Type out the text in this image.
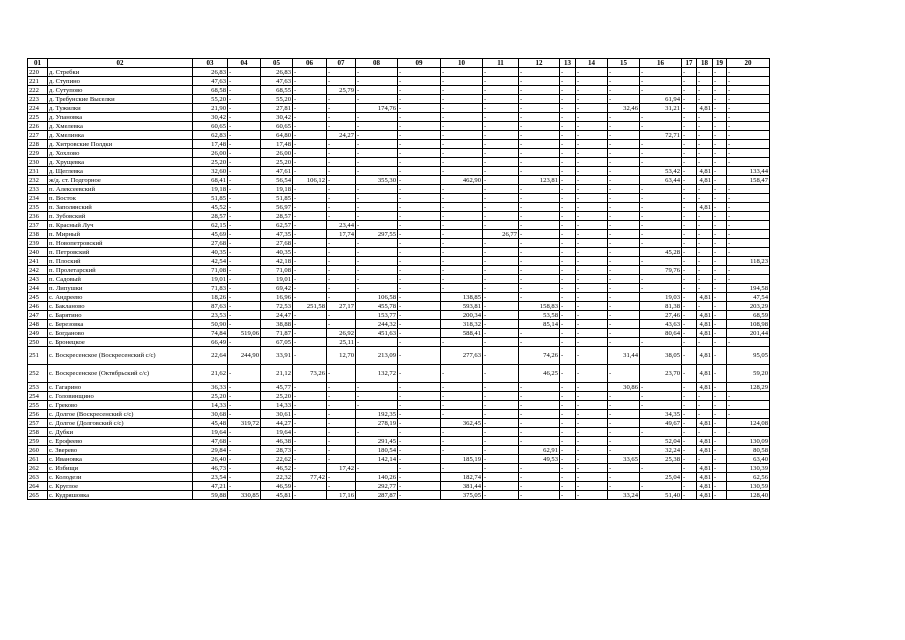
01	02	03	04	05	06	07	08	09	10	11	12	13	14	15	16	17	18	19	20
220	д. Стребки	26,83	-	26,83	-	-	-	-	-	-	-	-	-	-	-	-	-	-	-
221	д. Ступино	47,63	-	47,63	-	-	-	-	-	-	-	-	-	-	-	-	-	-	-
222	д. Сутупово	68,58	-	68,55	-	25,79	-	-	-	-	-	-	-	-	-	-	-	-	-
223	д. Требунские Выселки	55,20	-	55,20	-	-	-	-	-	-	-	-	-	-	61,94	-	-	-	-
224	д. Тужилки	21,90	-	27,81	-	-	174,76	-	-	-	-	-	-	32,46	31,21	-	4,81	-	-
225	д. Упановка	30,42	-	30,42	-	-	-	-	-	-	-	-	-	-	-	-	-	-	-
226	д. Хмелевка	60,65	-	60,65	-	-	-	-	-	-	-	-	-	-	-	-	-	-	-
227	д. Хмелинка	62,83	-	64,80	-	24,27	-	-	-	-	-	-	-	-	72,71	-	-	-	-
228	д. Хитровские Полдки	17,48	-	17,48	-	-	-	-	-	-	-	-	-	-	-	-	-	-	-
229	д. Хохлово	26,00	-	26,00	-	-	-	-	-	-	-	-	-	-	-	-	-	-	-
230	д. Хрущевка	25,20	-	25,20	-	-	-	-	-	-	-	-	-	-	-	-	-	-	-
231	д. Щеглевка	32,60	-	47,61	-	-	-	-	-	-	-	-	-	-	53,42	-	4,81	-	133,44
232	ж/д. ст. Подгорное	68,41	-	56,54	106,12	-	355,30	-	462,90	-	123,81	-	-	-	63,44	-	4,81	-	158,47
233	п. Алексеевский	19,18	-	19,18	-	-	-	-	-	-	-	-	-	-	-	-	-	-	-
234	п. Восток	51,85	-	51,85	-	-	-	-	-	-	-	-	-	-	-	-	-	-	-
235	п. Заполянский	45,52	-	56,97	-	-	-	-	-	-	-	-	-	-	-	-	4,81	-	-
236	п. Зубовский	28,57	-	28,57	-	-	-	-	-	-	-	-	-	-	-	-	-	-	-
237	п. Красный Луч	62,15	-	62,57	-	23,44	-	-	-	-	-	-	-	-	-	-	-	-	-
238	п. Мирный	45,69	-	47,35	-	17,74	297,55	-	-	26,77	-	-	-	-	-	-	-	-	-
239	п. Новопетровский	27,68	-	27,68	-	-	-	-	-	-	-	-	-	-	-	-	-	-	-
240	п. Петровский	40,35	-	40,35	-	-	-	-	-	-	-	-	-	-	45,28	-	-	-	-
241	п. Плоский	42,54	-	42,18	-	-	-	-	-	-	-	-	-	-	-	-	-	-	118,23
242	п. Пролетарский	71,08	-	71,08	-	-	-	-	-	-	-	-	-	-	79,76	-	-	-	-
243	п. Садовый	19,01	-	19,01	-	-	-	-	-	-	-	-	-	-	-	-	-	-	-
244	п. Липушки	71,83	-	69,42	-	-	-	-	-	-	-	-	-	-	-	-	-	-	194,58
245	с. Андреево	18,26	-	16,96	-	-	106,58	-	138,85	-	-	-	-	-	19,03	-	4,81	-	47,54
246	с. Бакланово	87,63	-	72,53	251,58	27,17	455,78	-	593,81	-	158,83	-	-	-	81,38	-	-	-	203,29
247	с. Барятино	23,53	-	24,47	-	-	153,77	-	200,34	-	53,58	-	-	-	27,46	-	4,81	-	68,59
248	с. Березовка	50,90	-	38,88	-	-	244,32	-	318,32	-	85,14	-	-	-	43,63	-	4,81	-	108,98
249	с. Богданово	74,84	519,06	71,87	-	26,92	451,63	-	588,41	-	-	-	-	-	80,64	-	4,81	-	201,44
250	с. Бронецкое	66,49	-	67,05	-	25,11	-	-	-	-	-	-	-	-	-	-	-	-	-
251	с. Воскресенское (Воскресенский с/с)	22,64	244,90	33,91	-	12,70	213,09	-	277,63	-	74,26	-	-	31,44	38,05	-	4,81	-	95,05
252	с. Воскресенское (Октябрьский с/с)	21,62	-	21,12	73,26	-	132,72	-	-	-	46,25	-	-	-	23,70	-	4,81	-	59,20
253	с. Гагарино	36,33	-	45,77	-	-	-	-	-	-	-	-	-	30,86	-	-	4,81	-	128,29
254	с. Головинщино	25,20	-	25,20	-	-	-	-	-	-	-	-	-	-	-	-	-	-	-
255	с. Греково	14,33	-	14,33	-	-	-	-	-	-	-	-	-	-	-	-	-	-	-
256	с. Долгое (Воскресенский с/с)	30,68	-	30,61	-	-	192,35	-	-	-	-	-	-	-	34,35	-	-	-	-
257	с. Долгое (Долговский с/с)	45,48	319,72	44,27	-	-	278,19	-	362,45	-	-	-	-	-	49,67	-	4,81	-	124,08
258	с. Дубки	19,64	-	19,64	-	-	-	-	-	-	-	-	-	-	-	-	-	-	-
259	с. Ерофеево	47,68	-	46,38	-	-	291,45	-	-	-	-	-	-	-	52,04	-	4,81	-	130,09
260	с. Зверево	29,84	-	28,73	-	-	180,54	-	-	-	62,91	-	-	-	32,24	-	4,81	-	80,58
261	с. Ивановка	26,40	-	22,62	-	-	142,14	-	185,19	-	49,53	-	-	33,65	25,38	-	-	-	63,40
262	с. Избищи	46,73	-	46,52	-	17,42	-	-	-	-	-	-	-	-	-	-	4,81	-	130,39
263	с. Колодези	23,54	-	22,32	77,42	-	140,26	-	182,74	-	-	-	-	-	25,04	-	4,81	-	62,56
264	с. Круглое	47,21	-	46,59	-	-	292,77	-	381,44	-	-	-	-	-	-	-	4,81	-	130,59
265	с. Кудряшовка	59,88	330,85	45,81	-	17,16	287,87	-	375,05	-	-	-	-	33,24	51,40	-	4,81	-	128,40
